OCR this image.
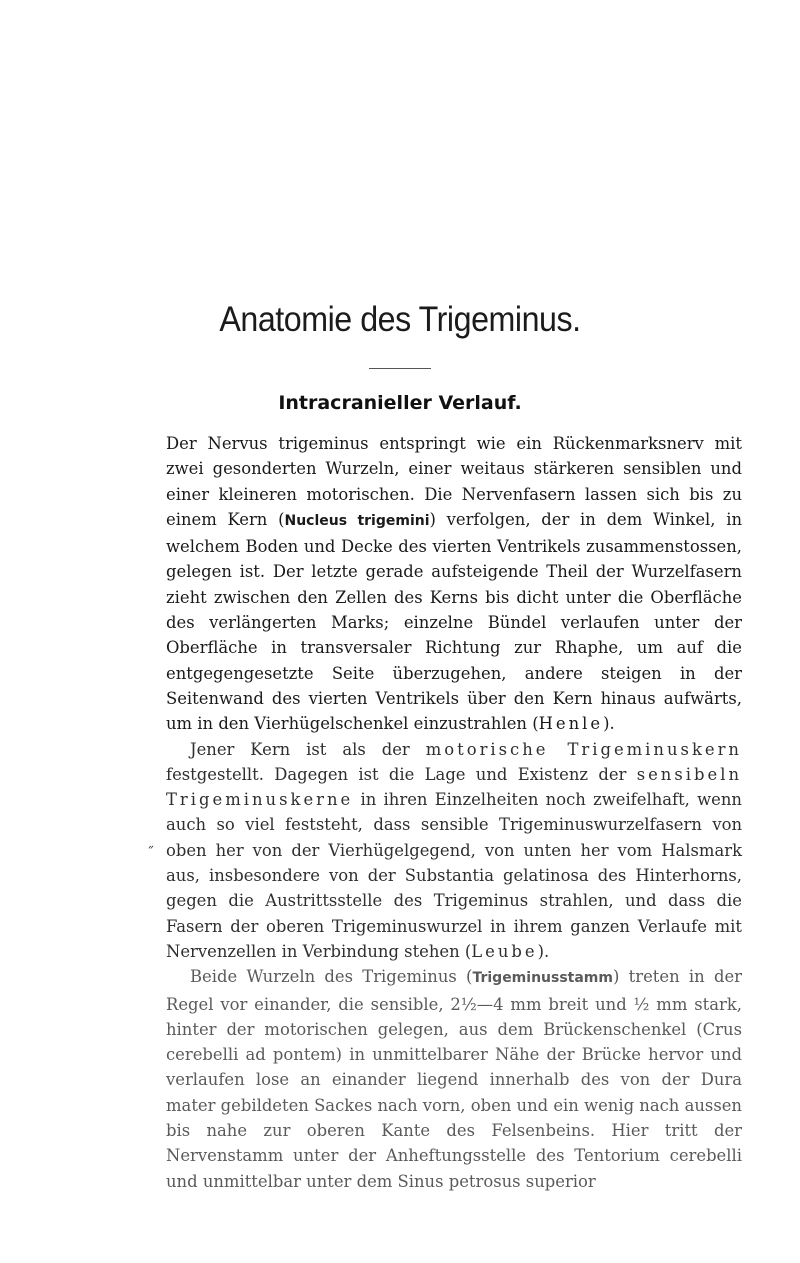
Anatomie des Trigeminus.
Intracranieller Verlauf.

Der Nervus trigeminus entspringt wie ein Rückenmarksnerv mit zwei gesonderten Wurzeln, einer weitaus stärkeren sensiblen und einer kleineren motorischen. Die Nervenfasern lassen sich bis zu einem Kern (Nucleus trigemini) verfolgen, der in dem Winkel, in welchem Boden und Decke des vierten Ventrikels zusammenstossen, gelegen ist. Der letzte gerade aufsteigende Theil der Wurzelfasern zieht zwischen den Zellen des Kerns bis dicht unter die Oberfläche des verlängerten Marks; einzelne Bündel verlaufen unter der Oberfläche in transversaler Richtung zur Rhaphe, um auf die entgegengesetzte Seite überzugehen, andere steigen in der Seitenwand des vierten Ventrikels über den Kern hinaus aufwärts, um in den Vierhügelschenkel einzustrahlen (Henle).

Jener Kern ist als der motorische Trigeminuskern festgestellt. Dagegen ist die Lage und Existenz der sensibeln Trigeminuskerne in ihren Einzelheiten noch zweifelhaft, wenn auch so viel feststeht, dass sensible Trigeminuswurzelfasern von oben her von der Vierhügelgegend, von unten her vom Halsmark aus, insbesondere von der Substantia gelatinosa des Hinterhorns, gegen die Austrittsstelle des Trigeminus strahlen, und dass die Fasern der oberen Trigeminuswurzel in ihrem ganzen Verlaufe mit Nervenzellen in Verbindung stehen (Leube).

Beide Wurzeln des Trigeminus (Trigeminusstamm) treten in der Regel vor einander, die sensible, 2½—4 mm breit und ½ mm stark, hinter der motorischen gelegen, aus dem Brückenschenkel (Crus cerebelli ad pontem) in unmittelbarer Nähe der Brücke hervor und verlaufen lose an einander liegend innerhalb des von der Dura mater gebildeten Sackes nach vorn, oben und ein wenig nach aussen bis nahe zur oberen Kante des Felsenbeins. Hier tritt der Nervenstamm unter der Anheftungsstelle des Tentorium cerebelli und unmittelbar unter dem Sinus petrosus superior

˝
